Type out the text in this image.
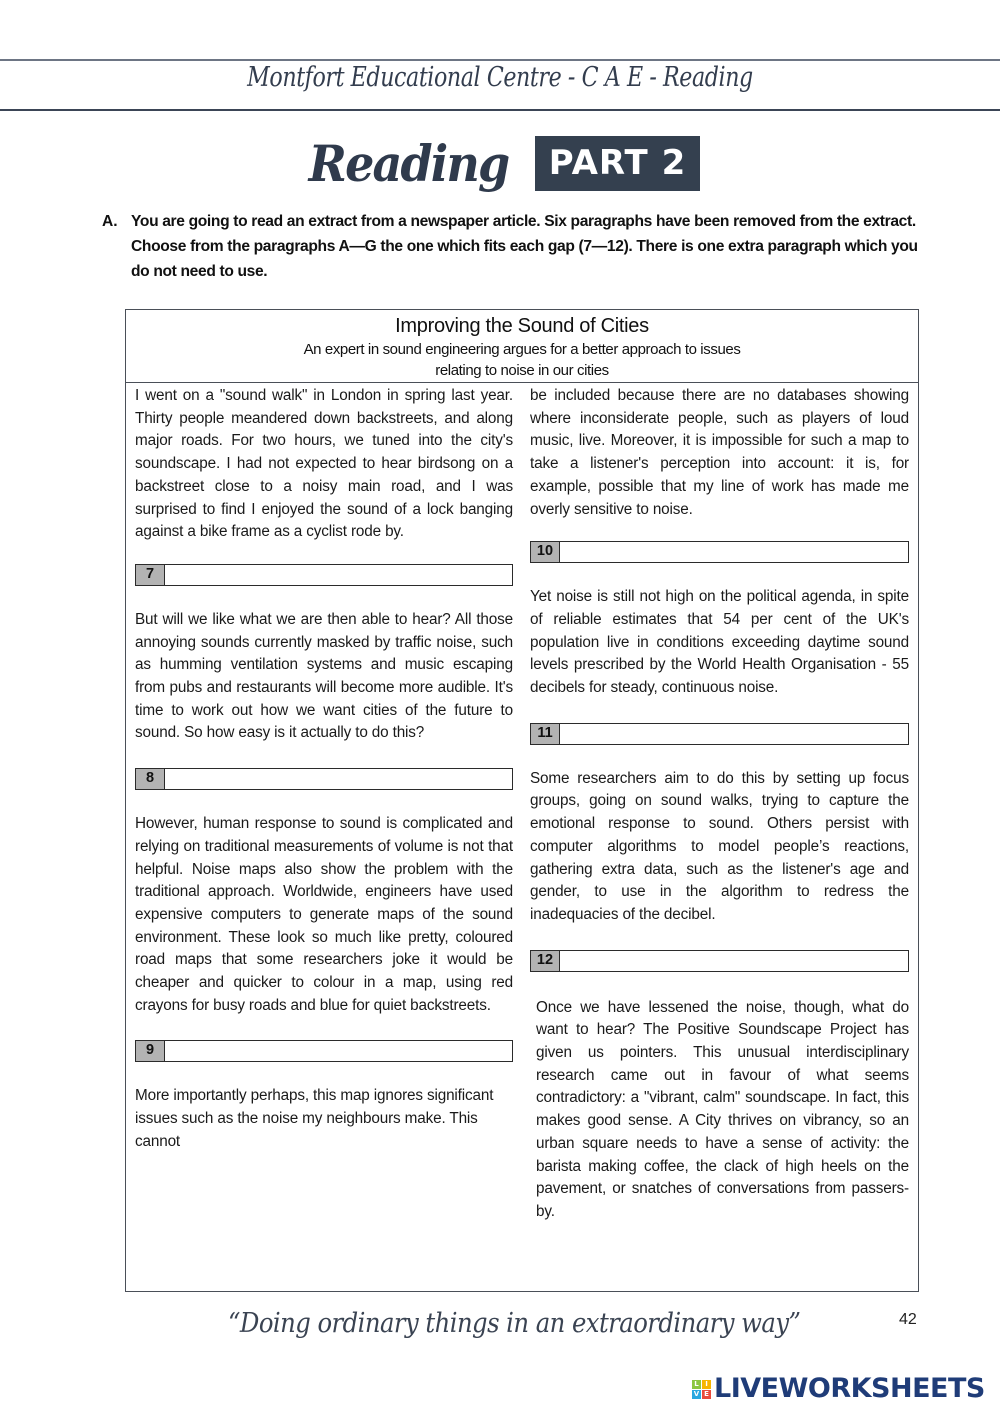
Montfort Educational Centre - C A E - Reading
Reading	PART 2
A. You are going to read an extract from a newspaper article. Six paragraphs have been removed from the extract. Choose from the paragraphs A—G the one which fits each gap (7—12). There is one extra paragraph which you do not need to use.
Improving the Sound of Cities
An expert in sound engineering argues for a better approach to issues
relating to noise in our cities

I went on a "sound walk" in London in spring last year. Thirty people meandered down backstreets, and along major roads. For two hours, we tuned into the city's soundscape. I had not expected to hear birdsong on a backstreet close to a noisy main road, and I was surprised to find I enjoyed the sound of a lock banging against a bike frame as a cyclist rode by.

7

But will we like what we are then able to hear? All those annoying sounds currently masked by traffic noise, such as humming ventilation systems and music escaping from pubs and restaurants will become more audible. It's time to work out how we want cities of the future to sound. So how easy is it actually to do this?

8

However, human response to sound is complicated and relying on traditional measurements of volume is not that helpful. Noise maps also show the problem with the traditional approach. Worldwide, engineers have used expensive computers to generate maps of the sound environment. These look so much like pretty, coloured road maps that some researchers joke it would be cheaper and quicker to colour in a map, using red crayons for busy roads and blue for quiet backstreets.

9

More importantly perhaps, this map ignores significant issues such as the noise my neighbours make. This cannot

be included because there are no databases showing where inconsiderate people, such as players of loud music, live. Moreover, it is impossible for such a map to take a listener's perception into account: it is, for example, possible that my line of work has made me overly sensitive to noise.

10

Yet noise is still not high on the political agenda, in spite of reliable estimates that 54 per cent of the UK's population live in conditions exceeding daytime sound levels prescribed by the World Health Organisation - 55 decibels for steady, continuous noise.

11

Some researchers aim to do this by setting up focus groups, going on sound walks, trying to capture the emotional response to sound. Others persist with computer algorithms to model people’s reactions, gathering extra data, such as the listener's age and gender, to use in the algorithm to redress the inadequacies of the decibel.

12

Once we have lessened the noise, though, what do want to hear? The Positive Soundscape Project has given us pointers. This unusual interdisciplinary research came out in favour of what seems contradictory: a "vibrant, calm" soundscape. In fact, this makes good sense. A City thrives on vibrancy, so an urban square needs to have a sense of activity: the barista making coffee, the clack of high heels on the pavement, or snatches of conversations from passers-by.

“Doing ordinary things in an extraordinary way”	42
L I
V E LIVEWORKSHEETS
